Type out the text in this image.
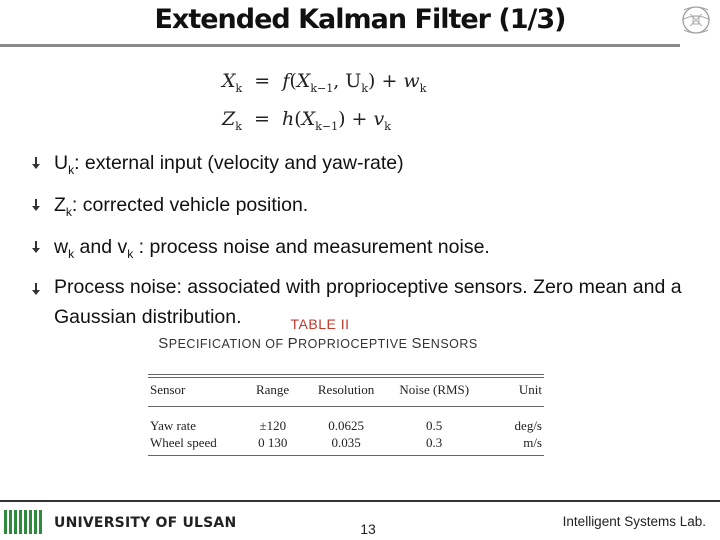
Extended Kalman Filter (1/3)
$X_k = f(X_{k-1}$, $U_k) + w_k$
$Z_k = h(X_{k-1}) + v_k$
$U_k$: external input (velocity and yaw-rate)
$Z_k$: corrected vehicle position.
$w_k$ and $v_k$ : process noise and measurement noise.
Process noise: associated with proprioceptive sensors. Zero mean and a Gaussian distribution.	TABLE II
SPECIFICATION OF PROPRIOCEPTIVE SENSORS
Sensor	Range	Resolution	Noise (RMS)	Unit
Yaw rate	±120	0.0625	0.5	deg/s
Wheel speed	0 130	0.035	0.3	m/s
UNIVERSITY OF ULSAN	13	Intelligent Systems Lab.
